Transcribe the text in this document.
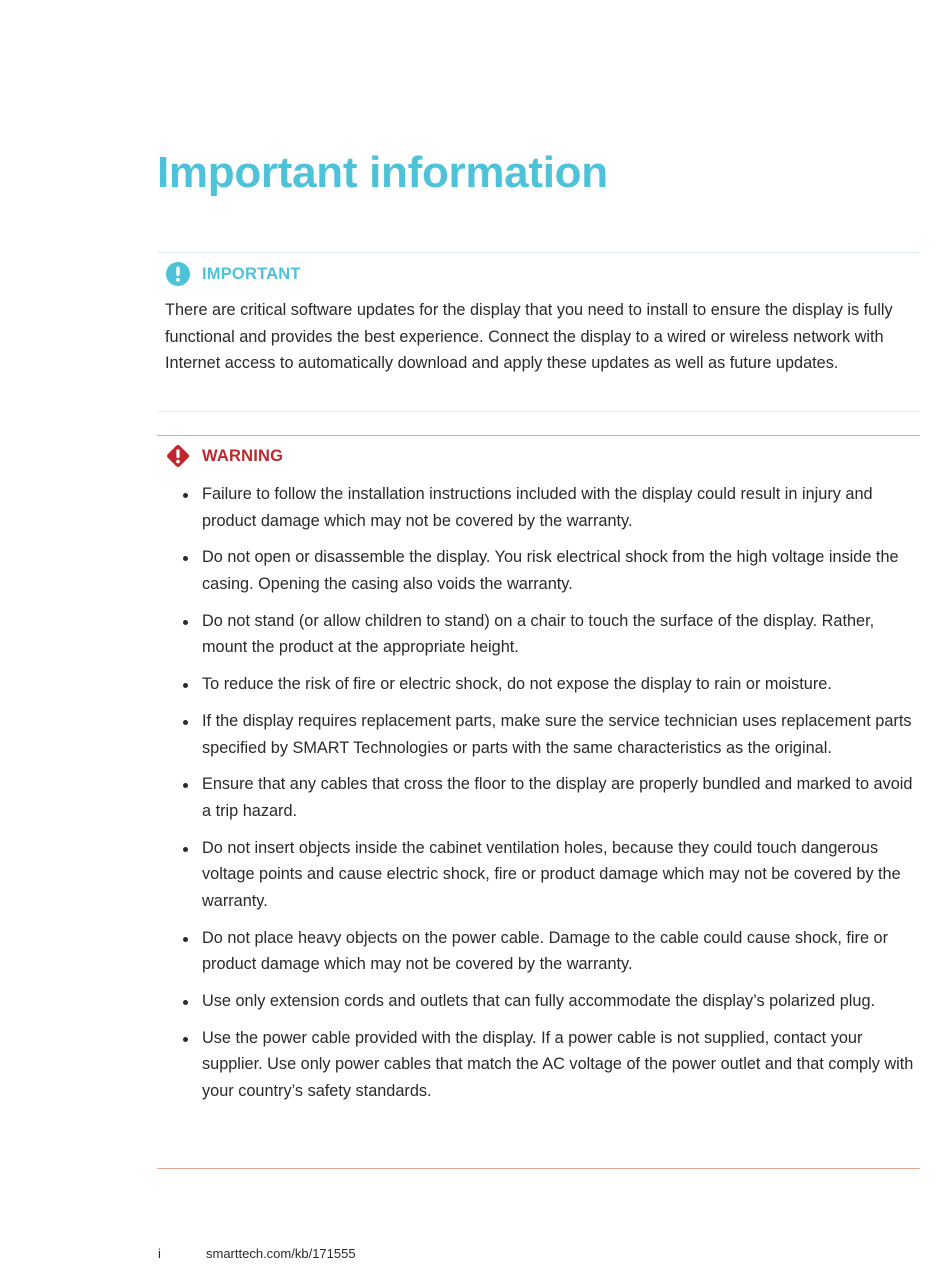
Important information
IMPORTANT

There are critical software updates for the display that you need to install to ensure the display is fully functional and provides the best experience. Connect the display to a wired or wireless network with Internet access to automatically download and apply these updates as well as future updates.

WARNING
Failure to follow the installation instructions included with the display could result in injury and product damage which may not be covered by the warranty.
Do not open or disassemble the display. You risk electrical shock from the high voltage inside the casing. Opening the casing also voids the warranty.
Do not stand (or allow children to stand) on a chair to touch the surface of the display. Rather, mount the product at the appropriate height.
To reduce the risk of fire or electric shock, do not expose the display to rain or moisture.
If the display requires replacement parts, make sure the service technician uses replacement parts specified by SMART Technologies or parts with the same characteristics as the original.
Ensure that any cables that cross the floor to the display are properly bundled and marked to avoid a trip hazard.
Do not insert objects inside the cabinet ventilation holes, because they could touch dangerous voltage points and cause electric shock, fire or product damage which may not be covered by the warranty.
Do not place heavy objects on the power cable. Damage to the cable could cause shock, fire or product damage which may not be covered by the warranty.
Use only extension cords and outlets that can fully accommodate the display’s polarized plug.
Use the power cable provided with the display. If a power cable is not supplied, contact your supplier. Use only power cables that match the AC voltage of the power outlet and that comply with your country’s safety standards.
i	smarttech.com/kb/171555
